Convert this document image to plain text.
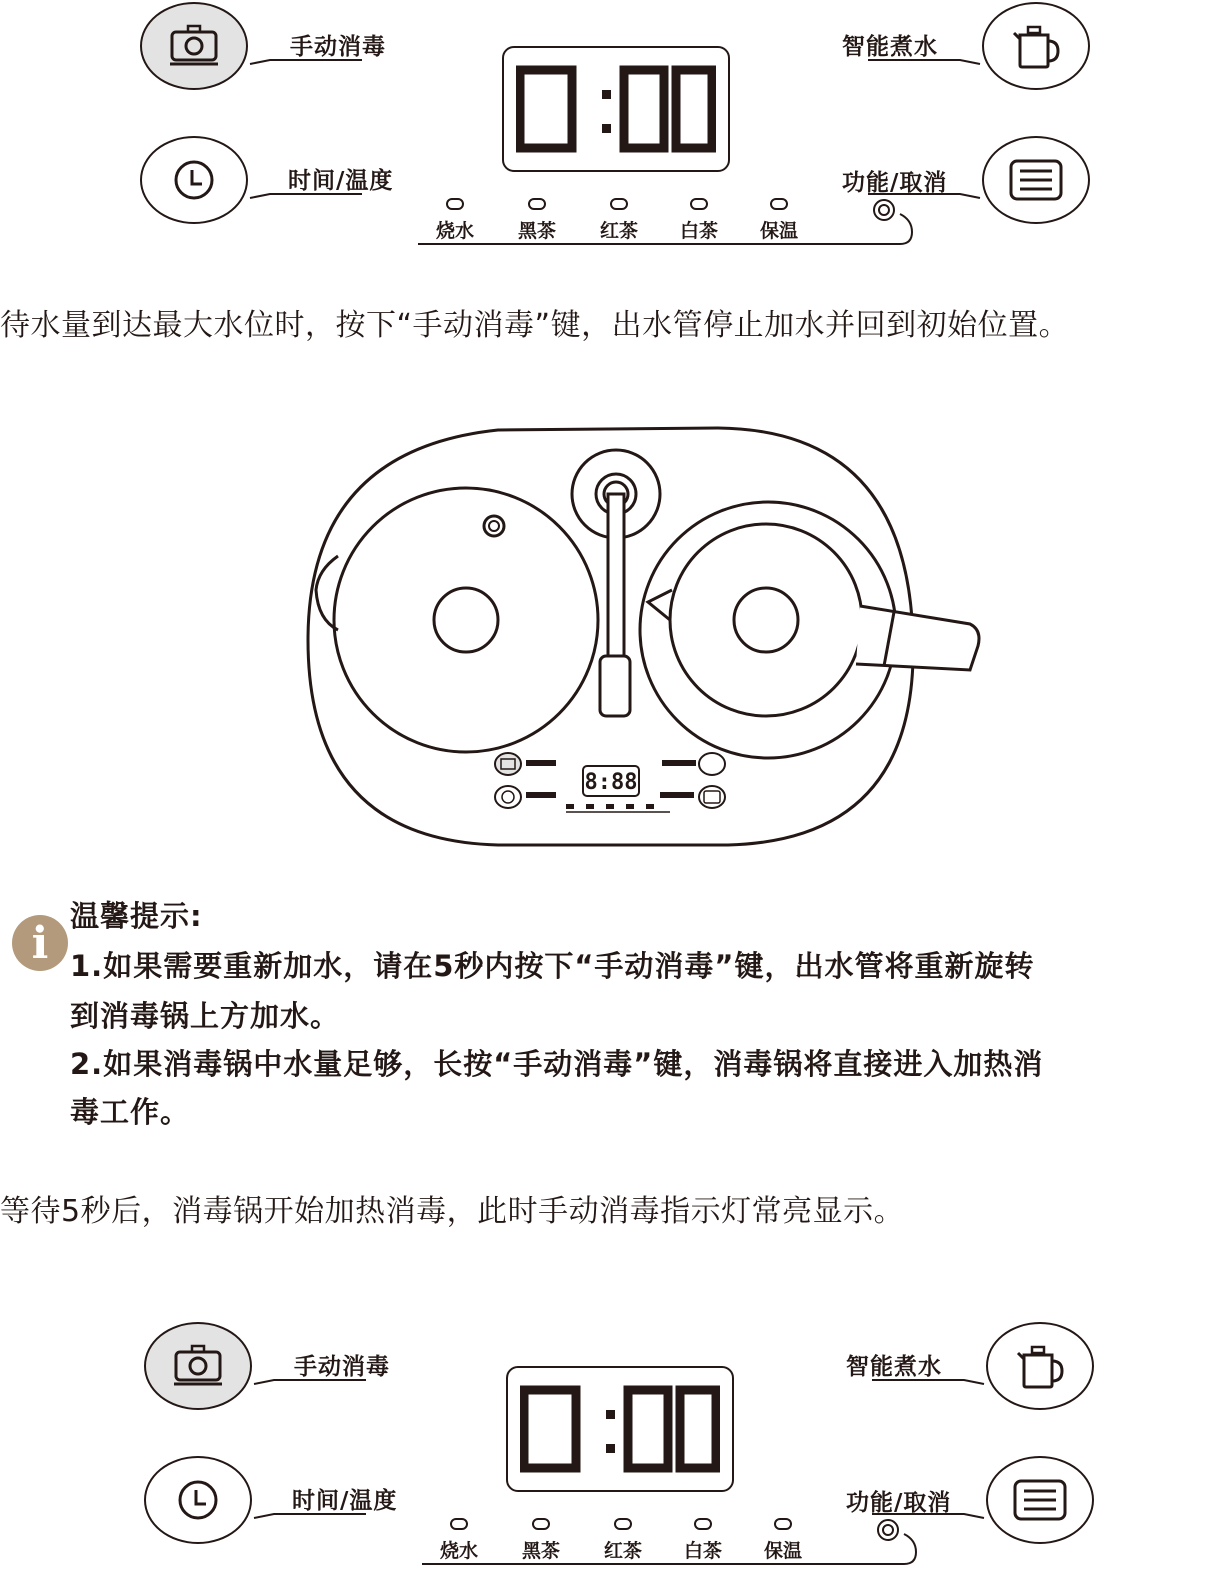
手动消毒
时间/温度
智能煮水
功能/取消
烧水	黑茶	红茶	白茶	保温
待水量到达最大水位时，按下“手动消毒”键，出水管停止加水并回到初始位置。
8:88
i
温馨提示:
1.如果需要重新加水，请在5秒内按下“手动消毒”键，出水管将重新旋转
到消毒锅上方加水。
2.如果消毒锅中水量足够，长按“手动消毒”键，消毒锅将直接进入加热消
毒工作。
等待5秒后，消毒锅开始加热消毒，此时手动消毒指示灯常亮显示。
手动消毒
时间/温度
智能煮水
功能/取消
烧水	黑茶	红茶	白茶	保温
